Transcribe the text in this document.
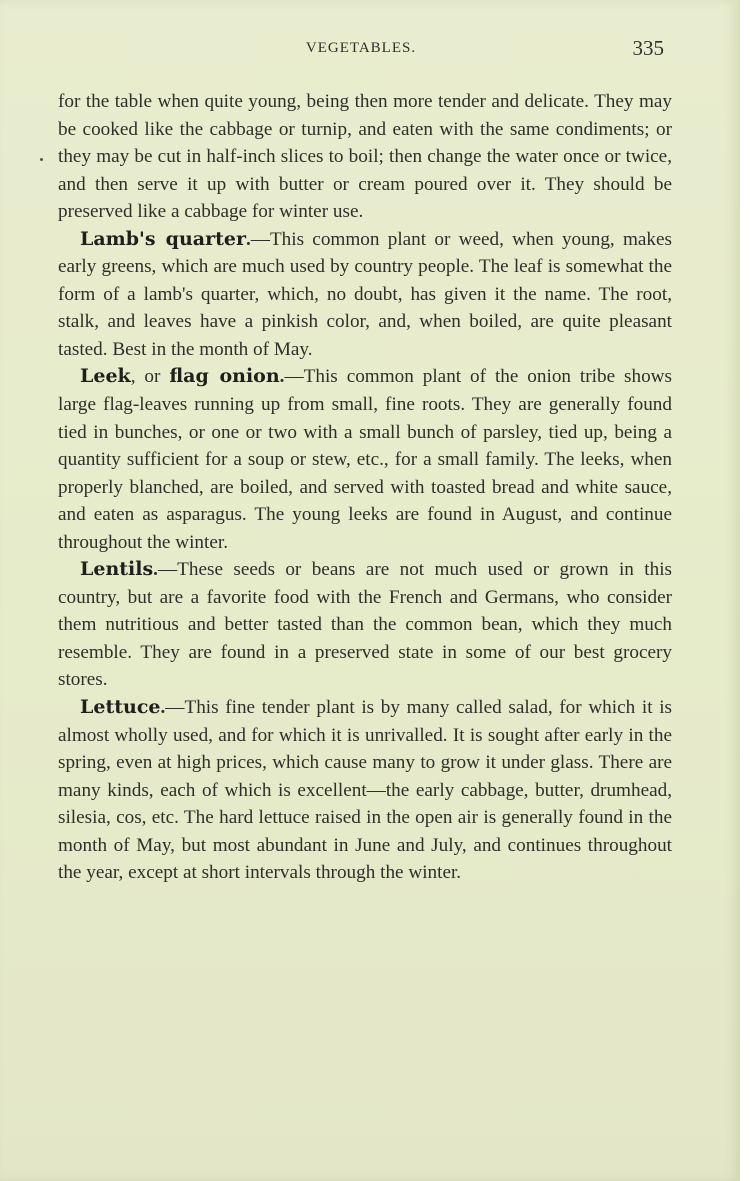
VEGETABLES.	335

for the table when quite young, being then more tender and delicate. They may be cooked like the cabbage or turnip, and eaten with the same condiments; or they may be cut in half-inch slices to boil; then change the water once or twice, and then serve it up with butter or cream poured over it. They should be preserved like a cabbage for winter use.

Lamb's quarter.—This common plant or weed, when young, makes early greens, which are much used by country people. The leaf is somewhat the form of a lamb's quarter, which, no doubt, has given it the name. The root, stalk, and leaves have a pinkish color, and, when boiled, are quite pleasant tasted. Best in the month of May.

Leek, or flag onion.—This common plant of the onion tribe shows large flag-leaves running up from small, fine roots. They are generally found tied in bunches, or one or two with a small bunch of parsley, tied up, being a quantity sufficient for a soup or stew, etc., for a small family. The leeks, when properly blanched, are boiled, and served with toasted bread and white sauce, and eaten as asparagus. The young leeks are found in August, and continue throughout the winter.

Lentils.—These seeds or beans are not much used or grown in this country, but are a favorite food with the French and Germans, who consider them nutritious and better tasted than the common bean, which they much resemble. They are found in a preserved state in some of our best grocery stores.

Lettuce.—This fine tender plant is by many called salad, for which it is almost wholly used, and for which it is unrivalled. It is sought after early in the spring, even at high prices, which cause many to grow it under glass. There are many kinds, each of which is excellent—the early cabbage, butter, drumhead, silesia, cos, etc. The hard lettuce raised in the open air is generally found in the month of May, but most abundant in June and July, and continues throughout the year, except at short intervals through the winter.
